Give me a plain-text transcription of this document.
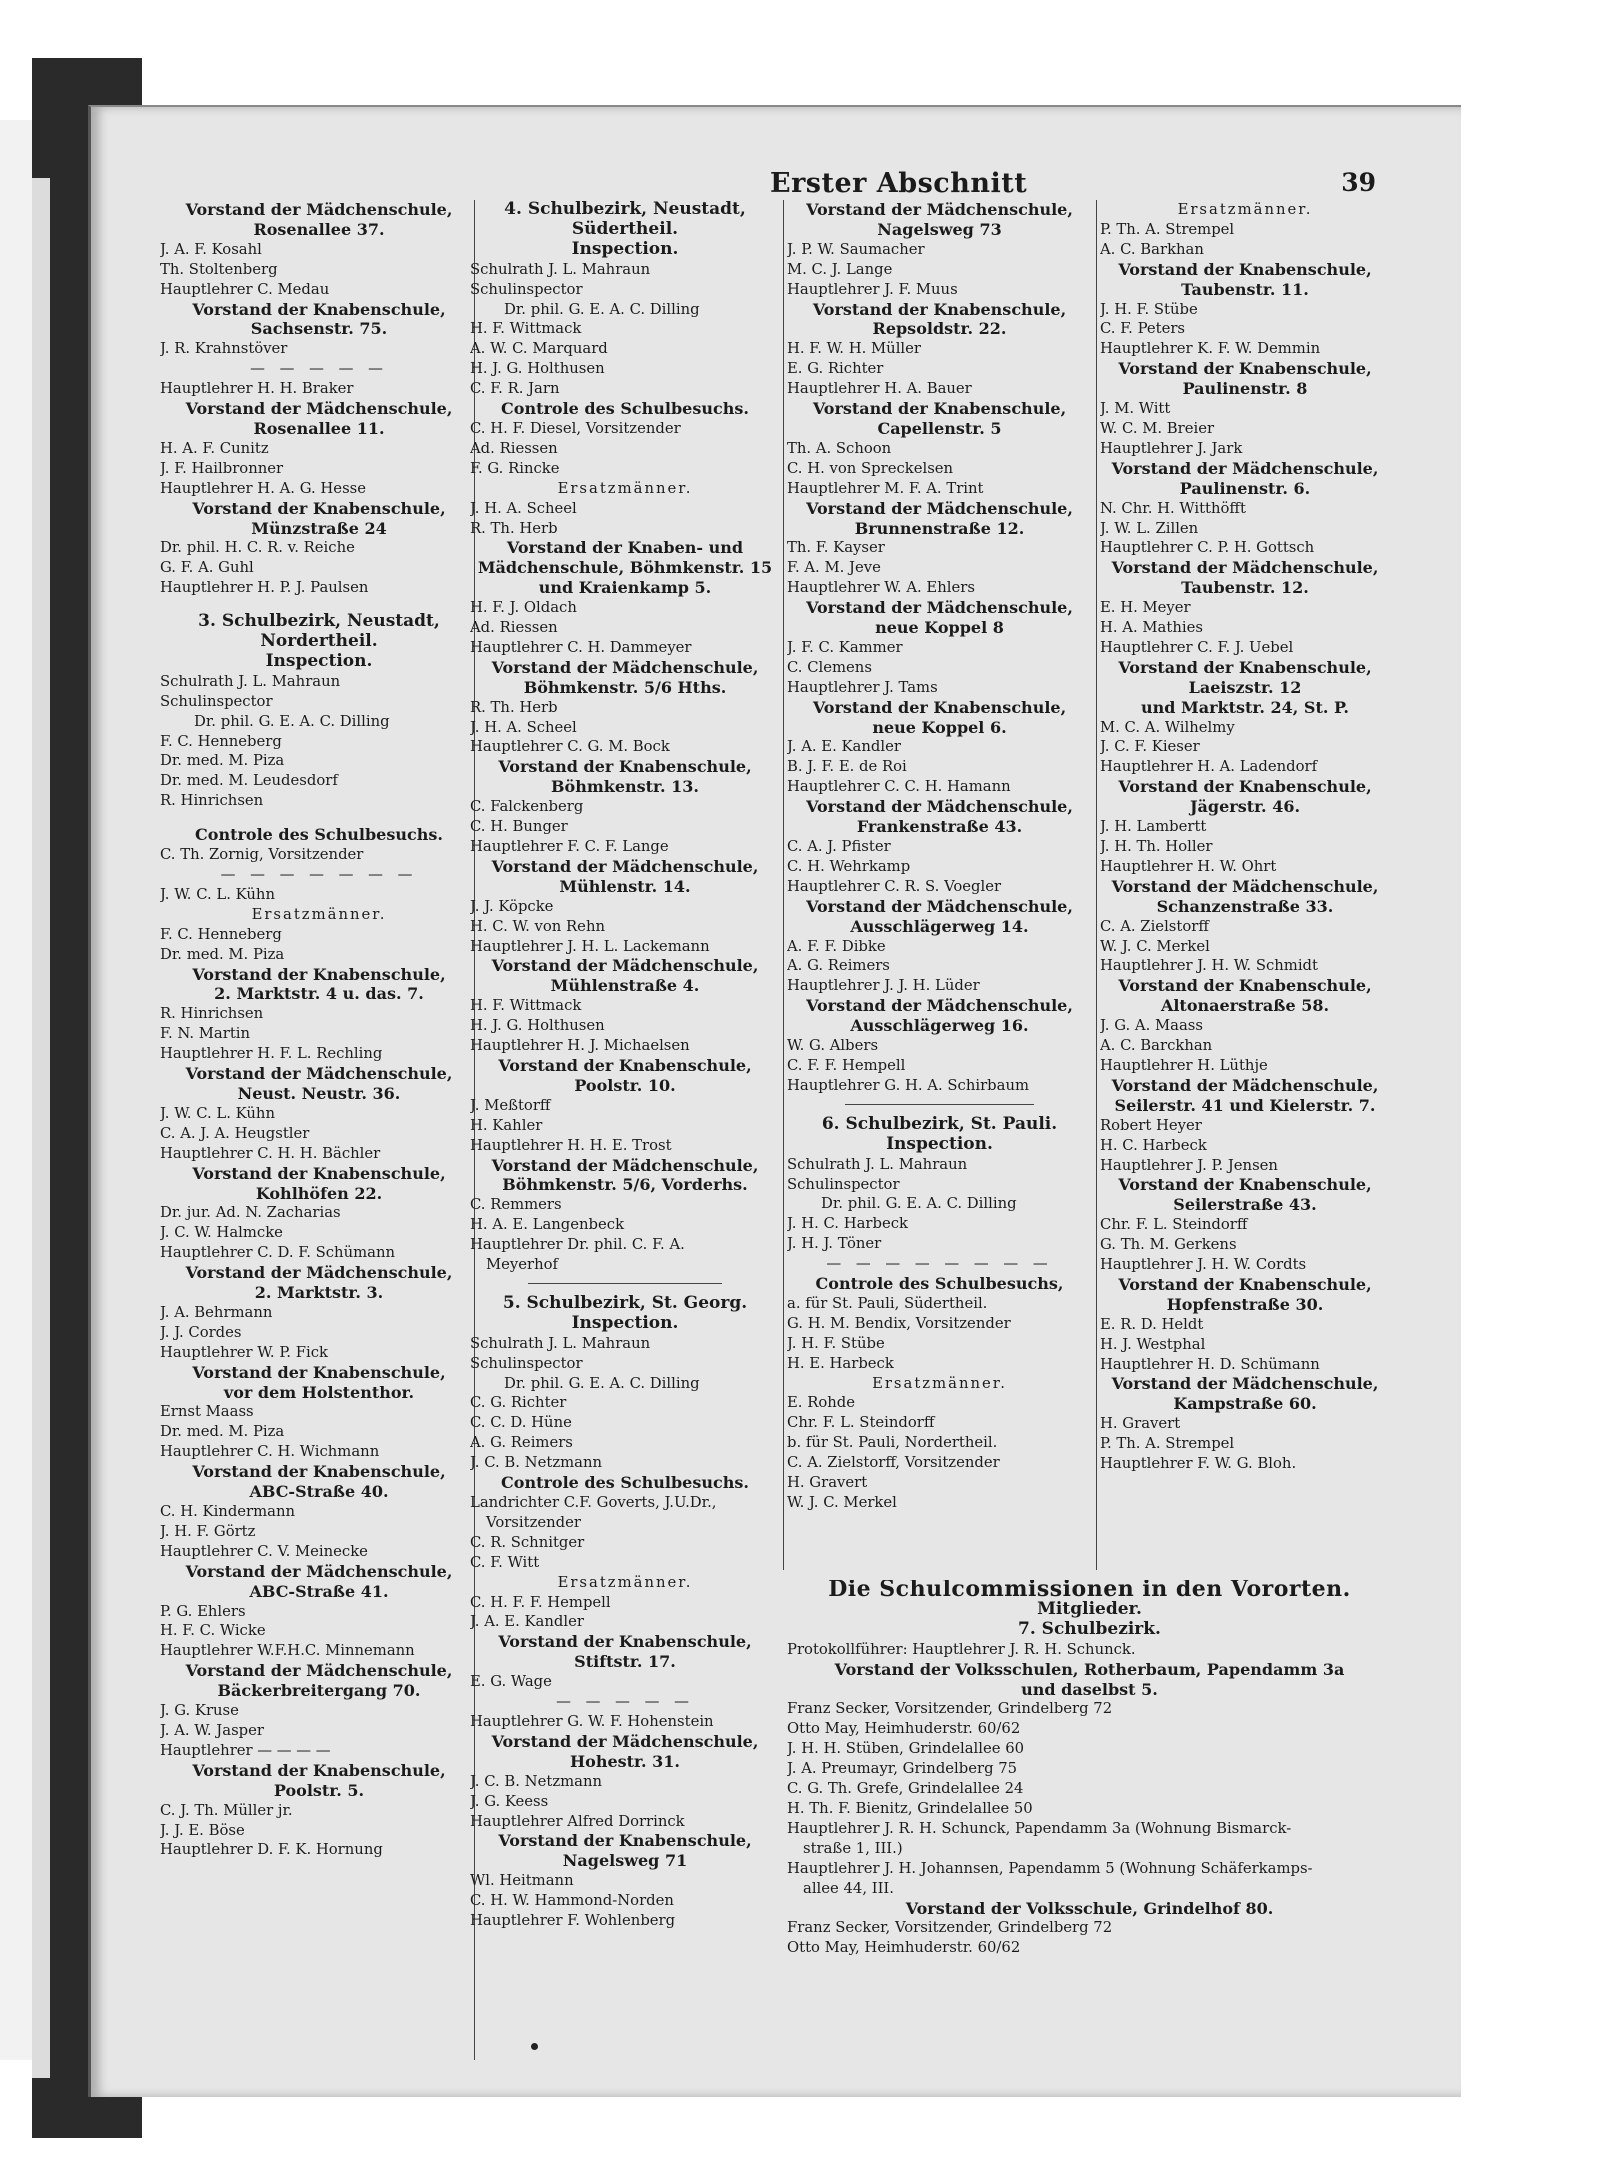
Erster Abschnitt	39
Vorstand der Mädchenschule,
Rosenallee 37.
J. A. F. Kosahl
Th. Stoltenberg
Hauptlehrer C. Medau
Vorstand der Knabenschule,
Sachsenstr. 75.
J. R. Krahnstöver
— — — — —
Hauptlehrer H. H. Braker
Vorstand der Mädchenschule,
Rosenallee 11.
H. A. F. Cunitz
J. F. Hailbronner
Hauptlehrer H. A. G. Hesse
Vorstand der Knabenschule,
Münzstraße 24
Dr. phil. H. C. R. v. Reiche
G. F. A. Guhl
Hauptlehrer H. P. J. Paulsen
3. Schulbezirk, Neustadt,
Nordertheil.
Inspection.
Schulrath J. L. Mahraun
Schulinspector
Dr. phil. G. E. A. C. Dilling
F. C. Henneberg
Dr. med. M. Piza
Dr. med. M. Leudesdorf
R. Hinrichsen
Controle des Schulbesuchs.
C. Th. Zornig, Vorsitzender
— — — — — — —
J. W. C. L. Kühn
Ersatzmänner.
F. C. Henneberg
Dr. med. M. Piza
Vorstand der Knabenschule,
2. Marktstr. 4 u. das. 7.
R. Hinrichsen
F. N. Martin
Hauptlehrer H. F. L. Rechling
Vorstand der Mädchenschule,
Neust. Neustr. 36.
J. W. C. L. Kühn
C. A. J. A. Heugstler
Hauptlehrer C. H. H. Bächler
Vorstand der Knabenschule,
Kohlhöfen 22.
Dr. jur. Ad. N. Zacharias
J. C. W. Halmcke
Hauptlehrer C. D. F. Schümann
Vorstand der Mädchenschule,
2. Marktstr. 3.
J. A. Behrmann
J. J. Cordes
Hauptlehrer W. P. Fick
Vorstand der Knabenschule,
vor dem Holstenthor.
Ernst Maass
Dr. med. M. Piza
Hauptlehrer C. H. Wichmann
Vorstand der Knabenschule,
ABC-Straße 40.
C. H. Kindermann
J. H. F. Görtz
Hauptlehrer C. V. Meinecke
Vorstand der Mädchenschule,
ABC-Straße 41.
P. G. Ehlers
H. F. C. Wicke
Hauptlehrer W.F.H.C. Minnemann
Vorstand der Mädchenschule,
Bäckerbreitergang 70.
J. G. Kruse
J. A. W. Jasper
Hauptlehrer — — — —
Vorstand der Knabenschule,
Poolstr. 5.
C. J. Th. Müller jr.
J. J. E. Böse
Hauptlehrer D. F. K. Hornung
4. Schulbezirk, Neustadt,
Südertheil.
Inspection.
Schulrath J. L. Mahraun
Schulinspector
Dr. phil. G. E. A. C. Dilling
H. F. Wittmack
A. W. C. Marquard
H. J. G. Holthusen
C. F. R. Jarn
Controle des Schulbesuchs.
C. H. F. Diesel, Vorsitzender
Ad. Riessen
F. G. Rincke
Ersatzmänner.
J. H. A. Scheel
R. Th. Herb
Vorstand der Knaben- und
Mädchenschule, Böhmkenstr. 15
und Kraienkamp 5.
H. F. J. Oldach
Ad. Riessen
Hauptlehrer C. H. Dammeyer
Vorstand der Mädchenschule,
Böhmkenstr. 5/6 Hths.
R. Th. Herb
J. H. A. Scheel
Hauptlehrer C. G. M. Bock
Vorstand der Knabenschule,
Böhmkenstr. 13.
C. Falckenberg
C. H. Bunger
Hauptlehrer F. C. F. Lange
Vorstand der Mädchenschule,
Mühlenstr. 14.
J. J. Köpcke
H. C. W. von Rehn
Hauptlehrer J. H. L. Lackemann
Vorstand der Mädchenschule,
Mühlenstraße 4.
H. F. Wittmack
H. J. G. Holthusen
Hauptlehrer H. J. Michaelsen
Vorstand der Knabenschule,
Poolstr. 10.
J. Meßtorff
H. Kahler
Hauptlehrer H. H. E. Trost
Vorstand der Mädchenschule,
Böhmkenstr. 5/6, Vorderhs.
C. Remmers
H. A. E. Langenbeck
Hauptlehrer Dr. phil. C. F. A.
Meyerhof
5. Schulbezirk, St. Georg.
Inspection.
Schulrath J. L. Mahraun
Schulinspector
Dr. phil. G. E. A. C. Dilling
C. G. Richter
C. C. D. Hüne
A. G. Reimers
J. C. B. Netzmann
Controle des Schulbesuchs.
Landrichter C.F. Goverts, J.U.Dr.,
Vorsitzender
C. R. Schnitger
C. F. Witt
Ersatzmänner.
C. H. F. F. Hempell
J. A. E. Kandler
Vorstand der Knabenschule,
Stiftstr. 17.
E. G. Wage
— — — — —
Hauptlehrer G. W. F. Hohenstein
Vorstand der Mädchenschule,
Hohestr. 31.
J. C. B. Netzmann
J. G. Keess
Hauptlehrer Alfred Dorrinck
Vorstand der Knabenschule,
Nagelsweg 71
Wl. Heitmann
C. H. W. Hammond-Norden
Hauptlehrer F. Wohlenberg
Vorstand der Mädchenschule,
Nagelsweg 73
J. P. W. Saumacher
M. C. J. Lange
Hauptlehrer J. F. Muus
Vorstand der Knabenschule,
Repsoldstr. 22.
H. F. W. H. Müller
E. G. Richter
Hauptlehrer H. A. Bauer
Vorstand der Knabenschule,
Capellenstr. 5
Th. A. Schoon
C. H. von Spreckelsen
Hauptlehrer M. F. A. Trint
Vorstand der Mädchenschule,
Brunnenstraße 12.
Th. F. Kayser
F. A. M. Jeve
Hauptlehrer W. A. Ehlers
Vorstand der Mädchenschule,
neue Koppel 8
J. F. C. Kammer
C. Clemens
Hauptlehrer J. Tams
Vorstand der Knabenschule,
neue Koppel 6.
J. A. E. Kandler
B. J. F. E. de Roi
Hauptlehrer C. C. H. Hamann
Vorstand der Mädchenschule,
Frankenstraße 43.
C. A. J. Pfister
C. H. Wehrkamp
Hauptlehrer C. R. S. Voegler
Vorstand der Mädchenschule,
Ausschlägerweg 14.
A. F. F. Dibke
A. G. Reimers
Hauptlehrer J. J. H. Lüder
Vorstand der Mädchenschule,
Ausschlägerweg 16.
W. G. Albers
C. F. F. Hempell
Hauptlehrer G. H. A. Schirbaum
6. Schulbezirk, St. Pauli.
Inspection.
Schulrath J. L. Mahraun
Schulinspector
Dr. phil. G. E. A. C. Dilling
J. H. C. Harbeck
J. H. J. Töner
— — — — — — — —
Controle des Schulbesuchs,
a. für St. Pauli, Südertheil.
G. H. M. Bendix, Vorsitzender
J. H. F. Stübe
H. E. Harbeck
Ersatzmänner.
E. Rohde
Chr. F. L. Steindorff
b. für St. Pauli, Nordertheil.
C. A. Zielstorff, Vorsitzender
H. Gravert
W. J. C. Merkel
Ersatzmänner.
P. Th. A. Strempel
A. C. Barkhan
Vorstand der Knabenschule,
Taubenstr. 11.
J. H. F. Stübe
C. F. Peters
Hauptlehrer K. F. W. Demmin
Vorstand der Knabenschule,
Paulinenstr. 8
J. M. Witt
W. C. M. Breier
Hauptlehrer J. Jark
Vorstand der Mädchenschule,
Paulinenstr. 6.
N. Chr. H. Witthöfft
J. W. L. Zillen
Hauptlehrer C. P. H. Gottsch
Vorstand der Mädchenschule,
Taubenstr. 12.
E. H. Meyer
H. A. Mathies
Hauptlehrer C. F. J. Uebel
Vorstand der Knabenschule,
Laeiszstr. 12
und Marktstr. 24, St. P.
M. C. A. Wilhelmy
J. C. F. Kieser
Hauptlehrer H. A. Ladendorf
Vorstand der Knabenschule,
Jägerstr. 46.
J. H. Lambertt
J. H. Th. Holler
Hauptlehrer H. W. Ohrt
Vorstand der Mädchenschule,
Schanzenstraße 33.
C. A. Zielstorff
W. J. C. Merkel
Hauptlehrer J. H. W. Schmidt
Vorstand der Knabenschule,
Altonaerstraße 58.
J. G. A. Maass
A. C. Barckhan
Hauptlehrer H. Lüthje
Vorstand der Mädchenschule,
Seilerstr. 41 und Kielerstr. 7.
Robert Heyer
H. C. Harbeck
Hauptlehrer J. P. Jensen
Vorstand der Knabenschule,
Seilerstraße 43.
Chr. F. L. Steindorff
G. Th. M. Gerkens
Hauptlehrer J. H. W. Cordts
Vorstand der Knabenschule,
Hopfenstraße 30.
E. R. D. Heldt
H. J. Westphal
Hauptlehrer H. D. Schümann
Vorstand der Mädchenschule,
Kampstraße 60.
H. Gravert
P. Th. A. Strempel
Hauptlehrer F. W. G. Bloh.
Die Schulcommissionen in den Vororten.
Mitglieder.
7. Schulbezirk.
Protokollführer: Hauptlehrer J. R. H. Schunck.
Vorstand der Volksschulen, Rotherbaum, Papendamm 3a
und daselbst 5.
Franz Secker, Vorsitzender, Grindelberg 72
Otto May, Heimhuderstr. 60/62
J. H. H. Stüben, Grindelallee 60
J. A. Preumayr, Grindelberg 75
C. G. Th. Grefe, Grindelallee 24
H. Th. F. Bienitz, Grindelallee 50
Hauptlehrer J. R. H. Schunck, Papendamm 3a (Wohnung Bismarck-
straße 1, III.)
Hauptlehrer J. H. Johannsen, Papendamm 5 (Wohnung Schäferkamps-
allee 44, III.
Vorstand der Volksschule, Grindelhof 80.
Franz Secker, Vorsitzender, Grindelberg 72
Otto May, Heimhuderstr. 60/62
